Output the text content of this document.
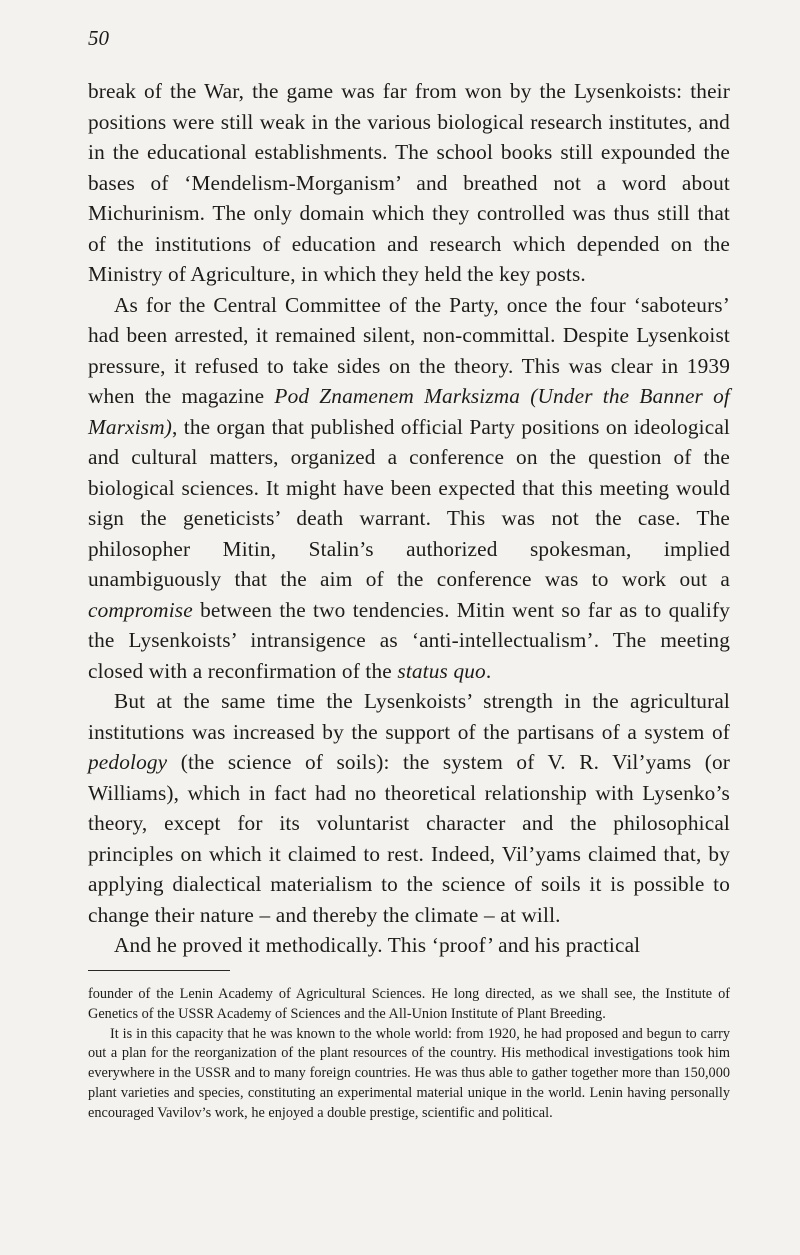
50

break of the War, the game was far from won by the Lysenkoists: their positions were still weak in the various biological research institutes, and in the educational establishments. The school books still expounded the bases of ‘Mendelism-Morganism’ and breathed not a word about Michurinism. The only domain which they controlled was thus still that of the institutions of education and research which depended on the Ministry of Agriculture, in which they held the key posts.

As for the Central Committee of the Party, once the four ‘saboteurs’ had been arrested, it remained silent, non-committal. Despite Lysenkoist pressure, it refused to take sides on the theory. This was clear in 1939 when the magazine Pod Znamenem Marksizma (Under the Banner of Marxism), the organ that published official Party positions on ideological and cultural matters, organized a conference on the question of the biological sciences. It might have been expected that this meeting would sign the geneticists’ death warrant. This was not the case. The philosopher Mitin, Stalin’s authorized spokesman, implied unambiguously that the aim of the conference was to work out a compromise between the two tendencies. Mitin went so far as to qualify the Lysenkoists’ intransigence as ‘anti-intellectualism’. The meeting closed with a reconfirmation of the status quo.

But at the same time the Lysenkoists’ strength in the agricultural institutions was increased by the support of the partisans of a system of pedology (the science of soils): the system of V. R. Vil’yams (or Williams), which in fact had no theoretical relationship with Lysenko’s theory, except for its voluntarist character and the philosophical principles on which it claimed to rest. Indeed, Vil’yams claimed that, by applying dialectical materialism to the science of soils it is possible to change their nature – and thereby the climate – at will.

And he proved it methodically. This ‘proof’ and his practical

founder of the Lenin Academy of Agricultural Sciences. He long directed, as we shall see, the Institute of Genetics of the USSR Academy of Sciences and the All-Union Institute of Plant Breeding.

It is in this capacity that he was known to the whole world: from 1920, he had proposed and begun to carry out a plan for the reorganization of the plant resources of the country. His methodical investigations took him everywhere in the USSR and to many foreign countries. He was thus able to gather together more than 150,000 plant varieties and species, constituting an experimental material unique in the world. Lenin having personally encouraged Vavilov’s work, he enjoyed a double prestige, scientific and political.
